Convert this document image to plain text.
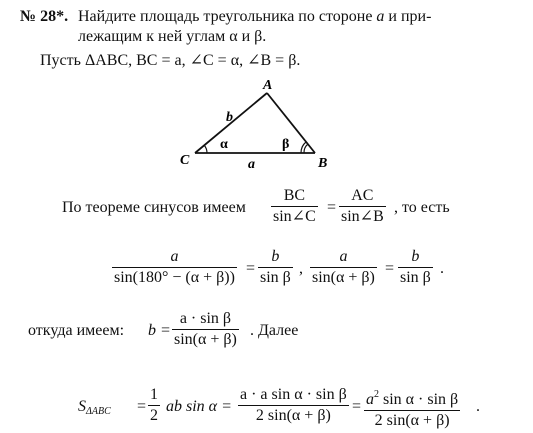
№ 28*. Найдите площадь треугольника по стороне a и при-
лежащим к ней углам α и β.
Пусть ΔABC, BC = a, ∠C = α, ∠B = β.
A
B
C
b
a
α	β
По теореме синусов имеем
BC
sin∠C
=
AC
sin∠B
, то есть
a
sin(180° − (α + β))
=
b
sin β
,
a
sin(α + β)
=
b
sin β
.
откуда имеем: b =
a · sin β
sin(α + β)
. Далее
$S_{\Delta ABC}$ =
1
2
ab sin α =
a · a sin α · sin β
2 sin(α + β)
= $a^2$ sin α · sin β
2 sin(α + β)
.
